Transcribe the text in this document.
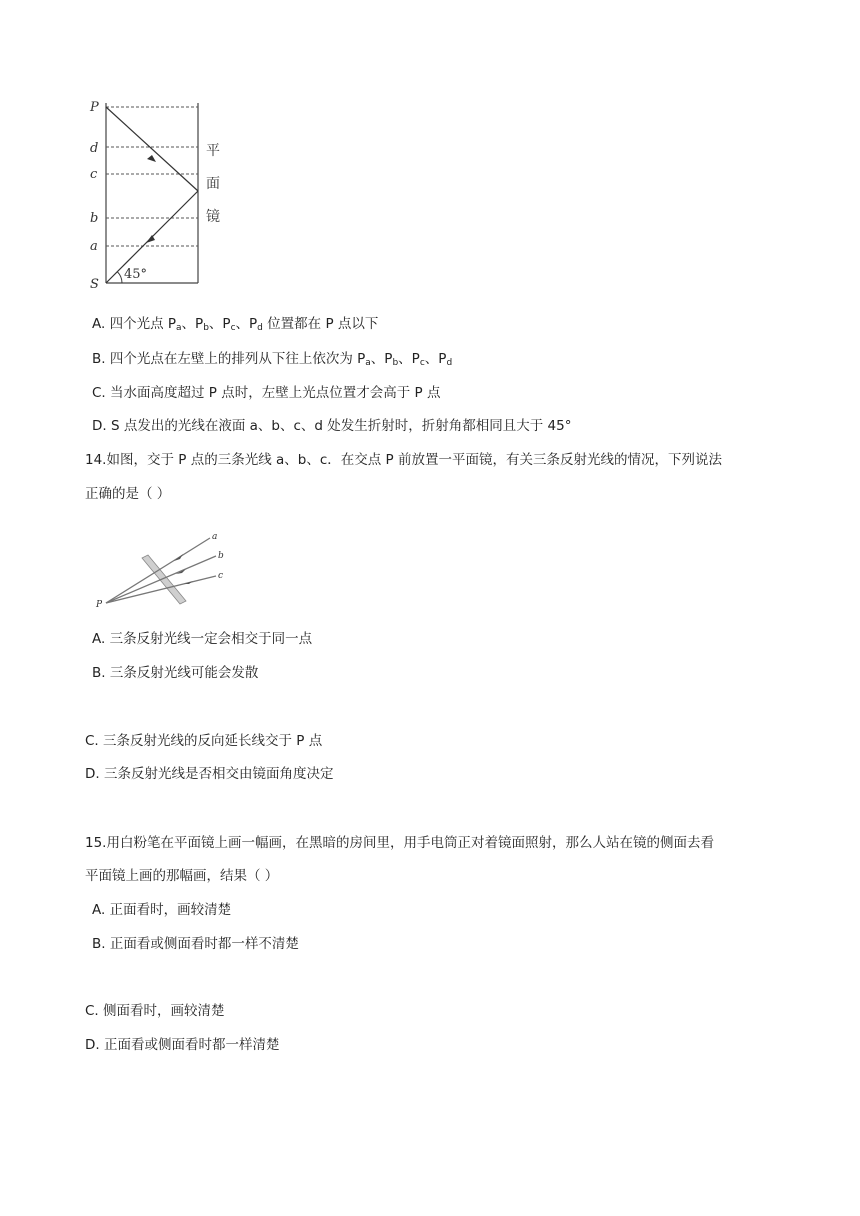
P
d
c
b
a
S
45°
平
面
镜
A. 四个光点 $P_a$、$P_b$、$P_c$、$P_d$ 位置都在 P 点以下
B. 四个光点在左壁上的排列从下往上依次为 $P_a$、$P_b$、$P_c$、$P_d$
C. 当水面高度超过 P 点时，左壁上光点位置才会高于 P 点
D. S 点发出的光线在液面 a、b、c、d 处发生折射时，折射角都相同且大于 45°
14.如图，交于 P 点的三条光线 a、b、c．在交点 P 前放置一平面镜，有关三条反射光线的情况，下列说法
正确的是（ ）
a
b
c
P
A. 三条反射光线一定会相交于同一点
B. 三条反射光线可能会发散
C. 三条反射光线的反向延长线交于 P 点
D. 三条反射光线是否相交由镜面角度决定
15.用白粉笔在平面镜上画一幅画，在黑暗的房间里，用手电筒正对着镜面照射，那么人站在镜的侧面去看
平面镜上画的那幅画，结果（ ）
A. 正面看时，画较清楚
B. 正面看或侧面看时都一样不清楚
C. 侧面看时，画较清楚
D. 正面看或侧面看时都一样清楚
